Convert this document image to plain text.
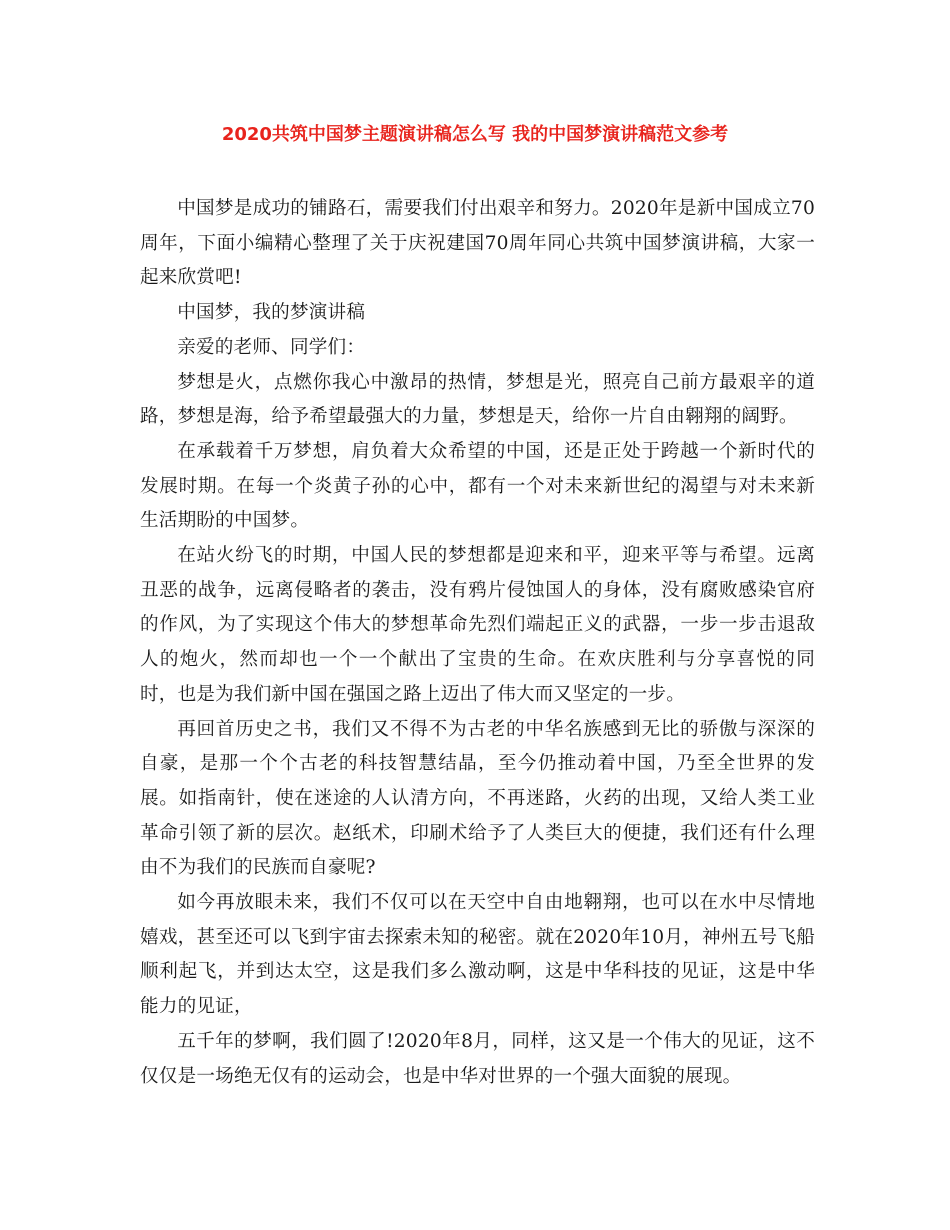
2020共筑中国梦主题演讲稿怎么写 我的中国梦演讲稿范文参考

中国梦是成功的铺路石，需要我们付出艰辛和努力。2020年是新中国成立70周年，下面小编精心整理了关于庆祝建国70周年同心共筑中国梦演讲稿，大家一起来欣赏吧!

中国梦，我的梦演讲稿

亲爱的老师、同学们：

梦想是火，点燃你我心中激昂的热情，梦想是光，照亮自己前方最艰辛的道路，梦想是海，给予希望最强大的力量，梦想是天，给你一片自由翱翔的阔野。

在承载着千万梦想，肩负着大众希望的中国，还是正处于跨越一个新时代的发展时期。在每一个炎黄子孙的心中，都有一个对未来新世纪的渴望与对未来新生活期盼的中国梦。

在站火纷飞的时期，中国人民的梦想都是迎来和平，迎来平等与希望。远离丑恶的战争，远离侵略者的袭击，没有鸦片侵蚀国人的身体，没有腐败感染官府的作风，为了实现这个伟大的梦想革命先烈们端起正义的武器，一步一步击退敌人的炮火，然而却也一个一个献出了宝贵的生命。在欢庆胜利与分享喜悦的同时，也是为我们新中国在强国之路上迈出了伟大而又坚定的一步。

再回首历史之书，我们又不得不为古老的中华名族感到无比的骄傲与深深的自豪，是那一个个古老的科技智慧结晶，至今仍推动着中国，乃至全世界的发展。如指南针，使在迷途的人认清方向，不再迷路，火药的出现，又给人类工业革命引领了新的层次。赵纸术，印刷术给予了人类巨大的便捷，我们还有什么理由不为我们的民族而自豪呢?

如今再放眼未来，我们不仅可以在天空中自由地翱翔，也可以在水中尽情地嬉戏，甚至还可以飞到宇宙去探索未知的秘密。就在2020年10月，神州五号飞船顺利起飞，并到达太空，这是我们多么激动啊，这是中华科技的见证，这是中华能力的见证，

五千年的梦啊，我们圆了!2020年8月，同样，这又是一个伟大的见证，这不仅仅是一场绝无仅有的运动会，也是中华对世界的一个强大面貌的展现。
